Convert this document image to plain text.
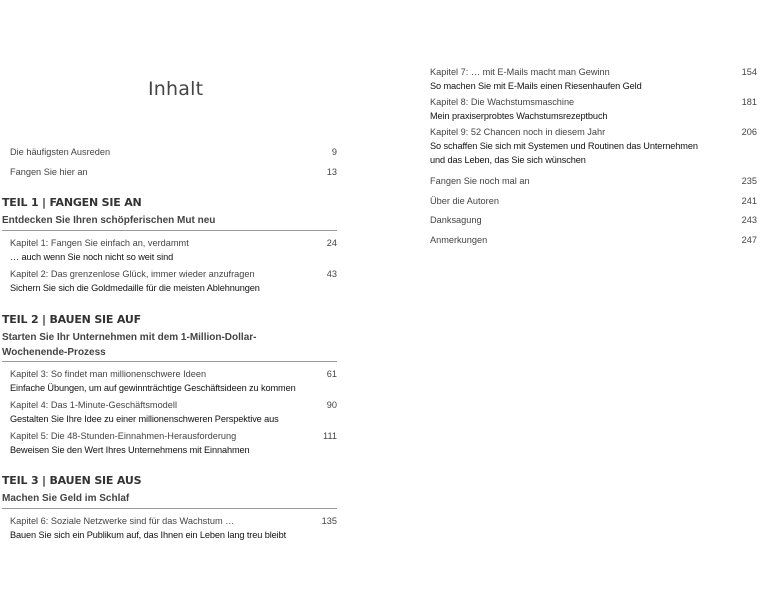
Inhalt
Die häufigsten Ausreden	9
Fangen Sie hier an	13
TEIL 1 | FANGEN SIE AN
Entdecken Sie Ihren schöpferischen Mut neu
Kapitel 1: Fangen Sie einfach an, verdammt	24
… auch wenn Sie noch nicht so weit sind
Kapitel 2: Das grenzenlose Glück, immer wieder anzufragen	43
Sichern Sie sich die Goldmedaille für die meisten Ablehnungen
TEIL 2 | BAUEN SIE AUF
Starten Sie Ihr Unternehmen mit dem 1-Million-Dollar-
Wochenende-Prozess
Kapitel 3: So findet man millionenschwere Ideen	61
Einfache Übungen, um auf gewinnträchtige Geschäftsideen zu kommen
Kapitel 4: Das 1-Minute-Geschäftsmodell	90
Gestalten Sie Ihre Idee zu einer millionenschweren Perspektive aus
Kapitel 5: Die 48-Stunden-Einnahmen-Herausforderung	111
Beweisen Sie den Wert Ihres Unternehmens mit Einnahmen
TEIL 3 | BAUEN SIE AUS
Machen Sie Geld im Schlaf
Kapitel 6: Soziale Netzwerke sind für das Wachstum …	135
Bauen Sie sich ein Publikum auf, das Ihnen ein Leben lang treu bleibt
Kapitel 7: … mit E-Mails macht man Gewinn	154
So machen Sie mit E-Mails einen Riesenhaufen Geld
Kapitel 8: Die Wachstumsmaschine	181
Mein praxiserprobtes Wachstumsrezeptbuch
Kapitel 9: 52 Chancen noch in diesem Jahr	206
So schaffen Sie sich mit Systemen und Routinen das Unternehmen
und das Leben, das Sie sich wünschen
Fangen Sie noch mal an	235
Über die Autoren	241
Danksagung	243
Anmerkungen	247
